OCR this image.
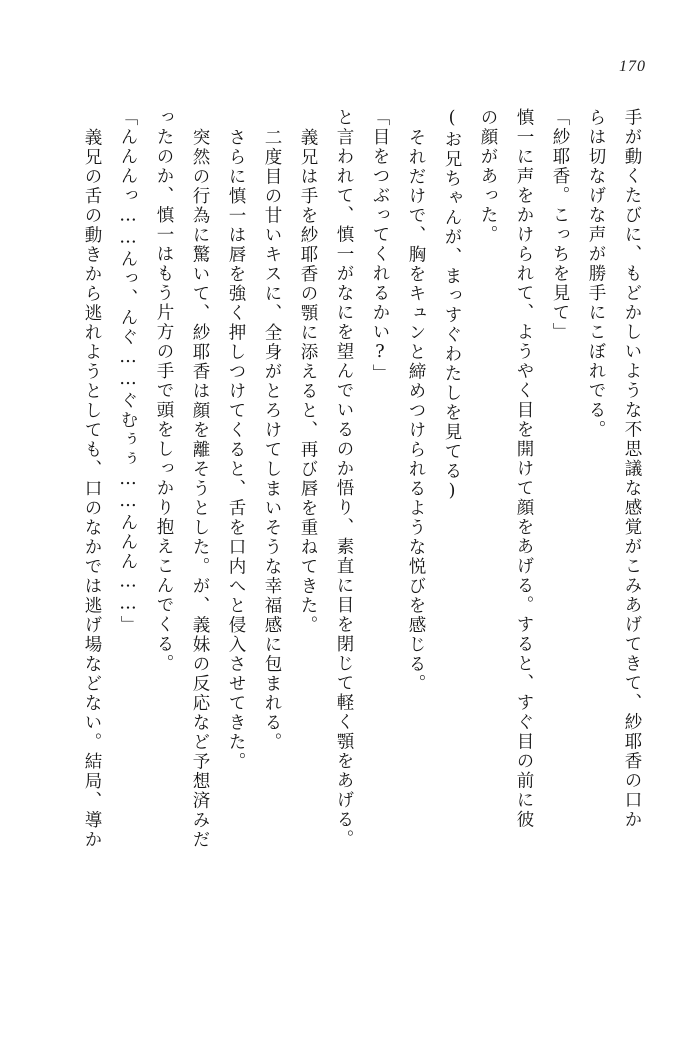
170
手が動くたびに、もどかしいような不思議な感覚がこみあげてきて、紗耶香の口か
らは切なげな声が勝手にこぼれでる。
「紗耶香。こっちを見て」
慎一に声をかけられて、ようやく目を開けて顔をあげる。すると、すぐ目の前に彼
の顔があった。
(お兄ちゃんが、まっすぐわたしを見てる)
それだけで、胸をキュンと締めつけられるような悦びを感じる。
「目をつぶってくれるかい?」
と言われて、慎一がなにを望んでいるのか悟り、素直に目を閉じて軽く顎をあげる。
義兄は手を紗耶香の顎に添えると、再び唇を重ねてきた。
二度目の甘いキスに、全身がとろけてしまいそうな幸福感に包まれる。
さらに慎一は唇を強く押しつけてくると、舌を口内へと侵入させてきた。
突然の行為に驚いて、紗耶香は顔を離そうとした。が、義妹の反応など予想済みだ
ったのか、慎一はもう片方の手で頭をしっかり抱えこんでくる。
「んんんっ……んっ、んぐ……ぐむぅぅ……んんん……」
義兄の舌の動きから逃れようとしても、口のなかでは逃げ場などない。結局、導か
